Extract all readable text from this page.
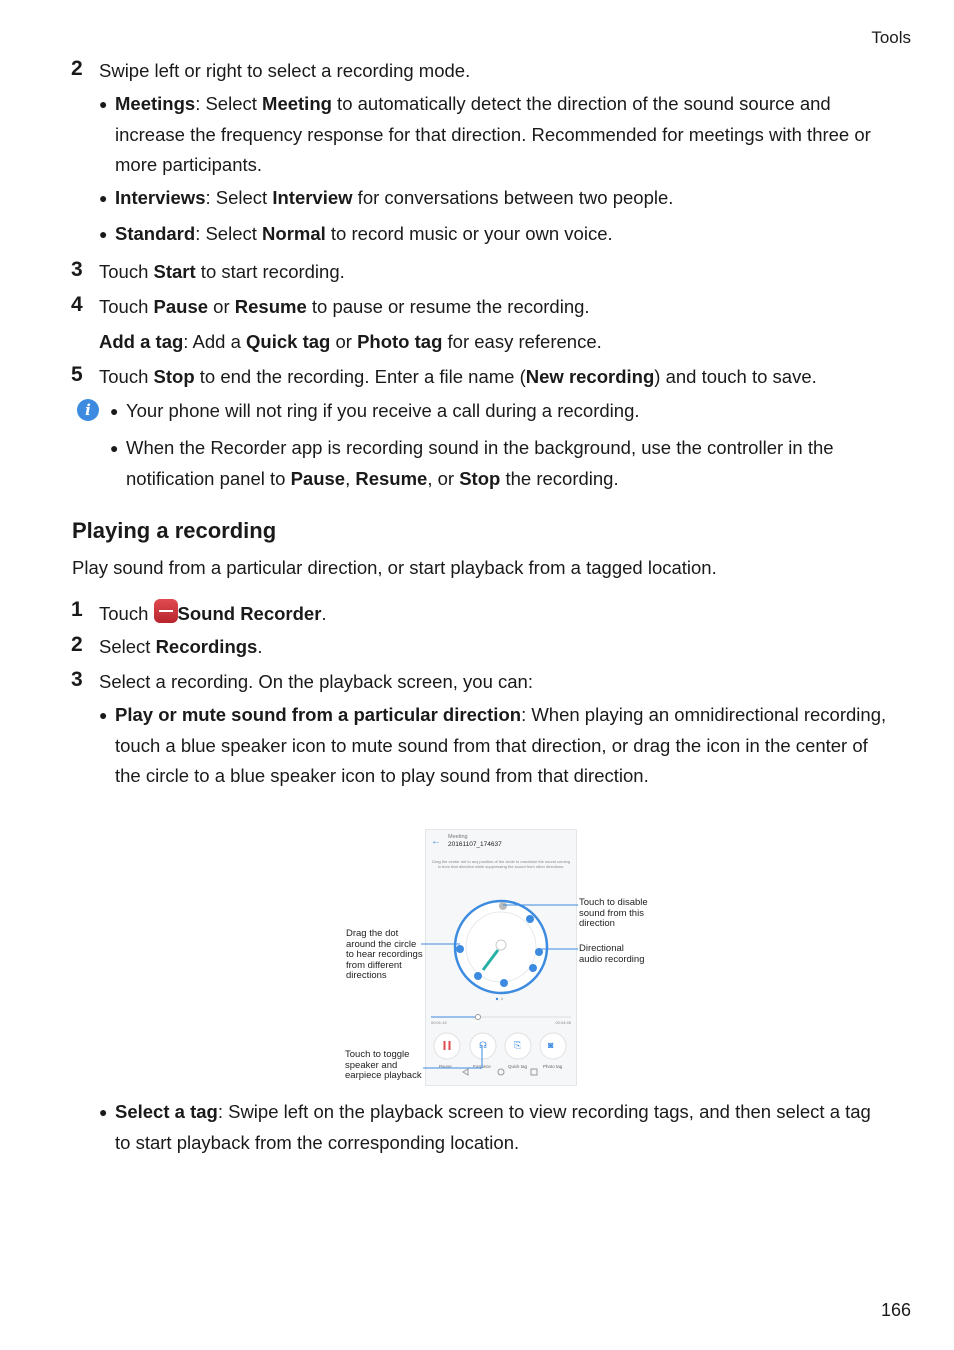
Tools
2 Swipe left or right to select a recording mode.
● Meetings: Select Meeting to automatically detect the direction of the sound source and increase the frequency response for that direction. Recommended for meetings with three or more participants.
● Interviews: Select Interview for conversations between two people.
● Standard: Select Normal to record music or your own voice.
3 Touch Start to start recording.
4 Touch Pause or Resume to pause or resume the recording.
Add a tag: Add a Quick tag or Photo tag for easy reference.
5 Touch Stop to end the recording. Enter a file name (New recording) and touch to save.
i	● Your phone will not ring if you receive a call during a recording.
● When the Recorder app is recording sound in the background, use the controller in the notification panel to Pause, Resume, or Stop the recording.
Playing a recording
Play sound from a particular direction, or start playback from a tagged location.
1 Touch Sound Recorder.
2 Select Recordings.
3 Select a recording. On the playback screen, you can:
● Play or mute sound from a particular direction: When playing an omnidirectional recording, touch a blue speaker icon to mute sound from that direction, or drag the icon in the center of the circle to a blue speaker icon to play sound from that direction.
Touch to disable
sound from this
direction
Directional
audio recording
Drag the dot
around the circle
to hear recordings
from different
directions
Touch to toggle
speaker and
earpiece playback
← Meeting
20161107_174637
Drag the center dot to any position of the circle to maximize the sound coming in from that direction while suppressing the sound from other directions.
☊	⎘	◙
00:01:15	00:04:45
Pause	Earpiece	Quick tag	Photo tag
● Select a tag: Swipe left on the playback screen to view recording tags, and then select a tag to start playback from the corresponding location.
166
